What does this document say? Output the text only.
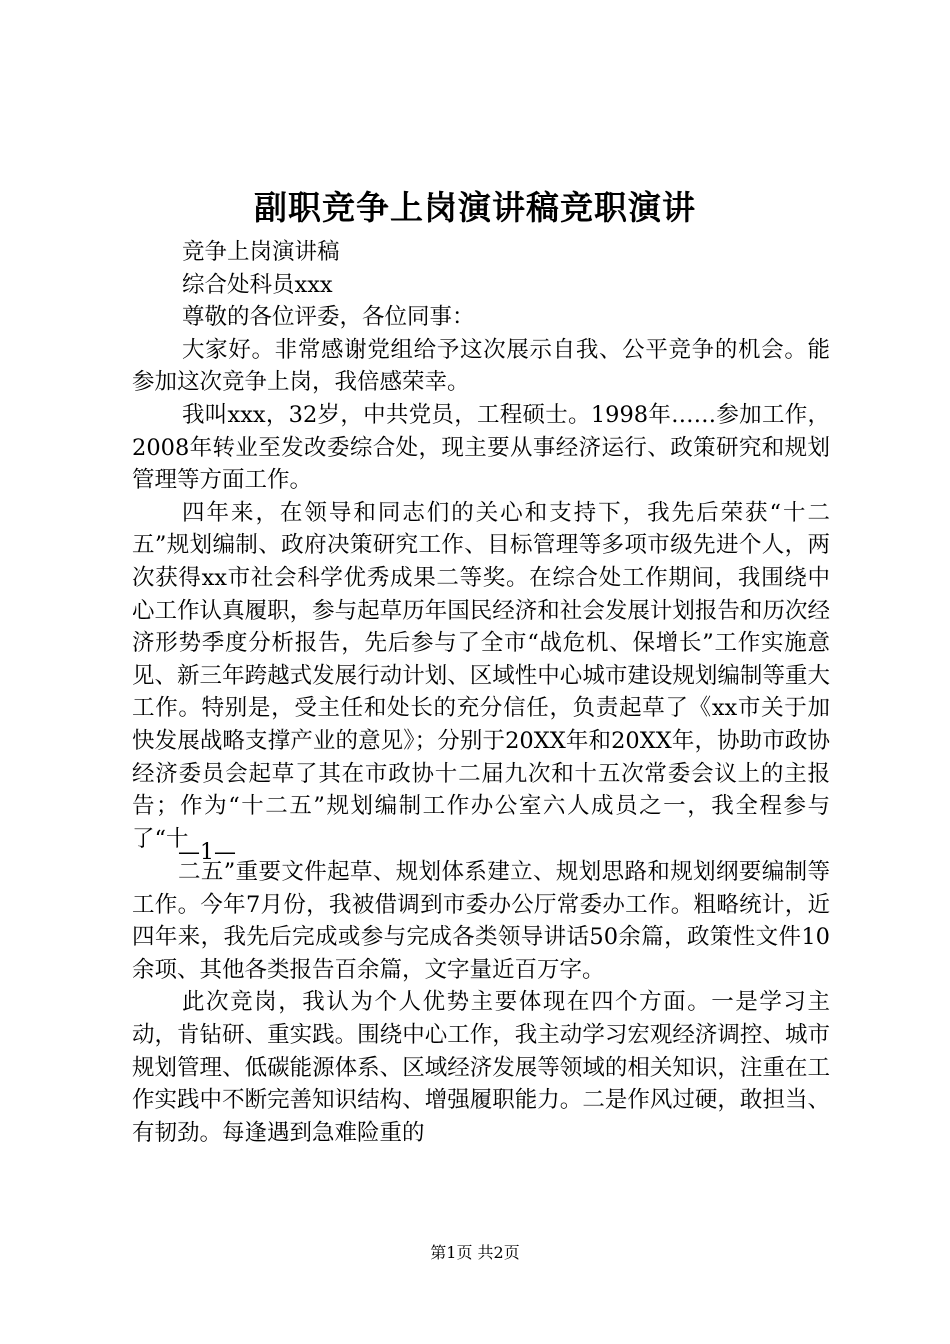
副职竞争上岗演讲稿竞职演讲

竞争上岗演讲稿

综合处科员xxx

尊敬的各位评委，各位同事：

大家好。非常感谢党组给予这次展示自我、公平竞争的机会。能参加这次竞争上岗，我倍感荣幸。

我叫xxx，32岁，中共党员，工程硕士。1998年……参加工作，2008年转业至发改委综合处，现主要从事经济运行、政策研究和规划管理等方面工作。

四年来，在领导和同志们的关心和支持下，我先后荣获“十二五”规划编制、政府决策研究工作、目标管理等多项市级先进个人，两次获得xx市社会科学优秀成果二等奖。在综合处工作期间，我围绕中心工作认真履职，参与起草历年国民经济和社会发展计划报告和历次经济形势季度分析报告，先后参与了全市“战危机、保增长”工作实施意见、新三年跨越式发展行动计划、区域性中心城市建设规划编制等重大工作。特别是，受主任和处长的充分信任，负责起草了《xx市关于加快发展战略支撑产业的意见》；分别于20XX年和20XX年，协助市政协经济委员会起草了其在市政协十二届九次和十五次常委会议上的主报告；作为“十二五”规划编制工作办公室六人成员之一，我全程参与了“十

—1—

二五”重要文件起草、规划体系建立、规划思路和规划纲要编制等工作。今年7月份，我被借调到市委办公厅常委办工作。粗略统计，近四年来，我先后完成或参与完成各类领导讲话50余篇，政策性文件10余项、其他各类报告百余篇，文字量近百万字。

此次竞岗，我认为个人优势主要体现在四个方面。一是学习主动，肯钻研、重实践。围绕中心工作，我主动学习宏观经济调控、城市规划管理、低碳能源体系、区域经济发展等领域的相关知识，注重在工作实践中不断完善知识结构、增强履职能力。二是作风过硬，敢担当、有韧劲。每逢遇到急难险重的

第1页 共2页
